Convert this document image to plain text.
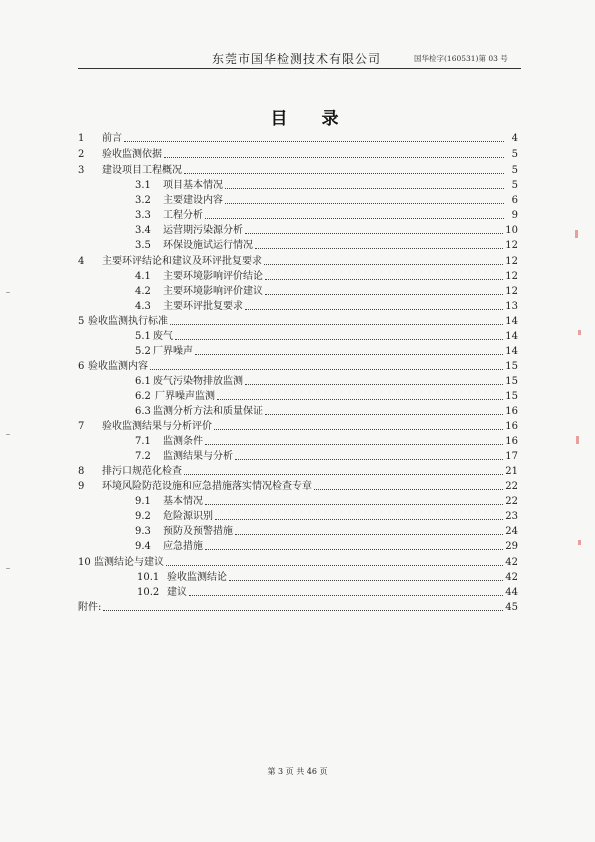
东莞市国华检测技术有限公司	国华检字(160531)第 03 号
目 录
1	前言	4
2	验收监测依据	5
3	建设项目工程概况	5
3.1	项目基本情况	5
3.2	主要建设内容	6
3.3	工程分析	9
3.4	运营期污染源分析	10
3.5	环保设施试运行情况	12
4	主要环评结论和建议及环评批复要求	12
4.1	主要环境影响评价结论	12
4.2	主要环境影响评价建议	12
4.3	主要环评批复要求	13
5 验收监测执行标准	14
5.1 废气	14
5.2 厂界噪声	14
6 验收监测内容	15
6.1 废气污染物排放监测	15
6.2 厂界噪声监测	15
6.3 监测分析方法和质量保证	16
7	验收监测结果与分析评价	16
7.1	监测条件	16
7.2	监测结果与分析	17
8	排污口规范化检查	21
9	环境风险防范设施和应急措施落实情况检查专章	22
9.1	基本情况	22
9.2	危险源识别	23
9.3	预防及预警措施	24
9.4	应急措施	29
10 监测结论与建议	42
10.1 验收监测结论	42
10.2 建议	44
附件:	45
第 3 页 共 46 页
